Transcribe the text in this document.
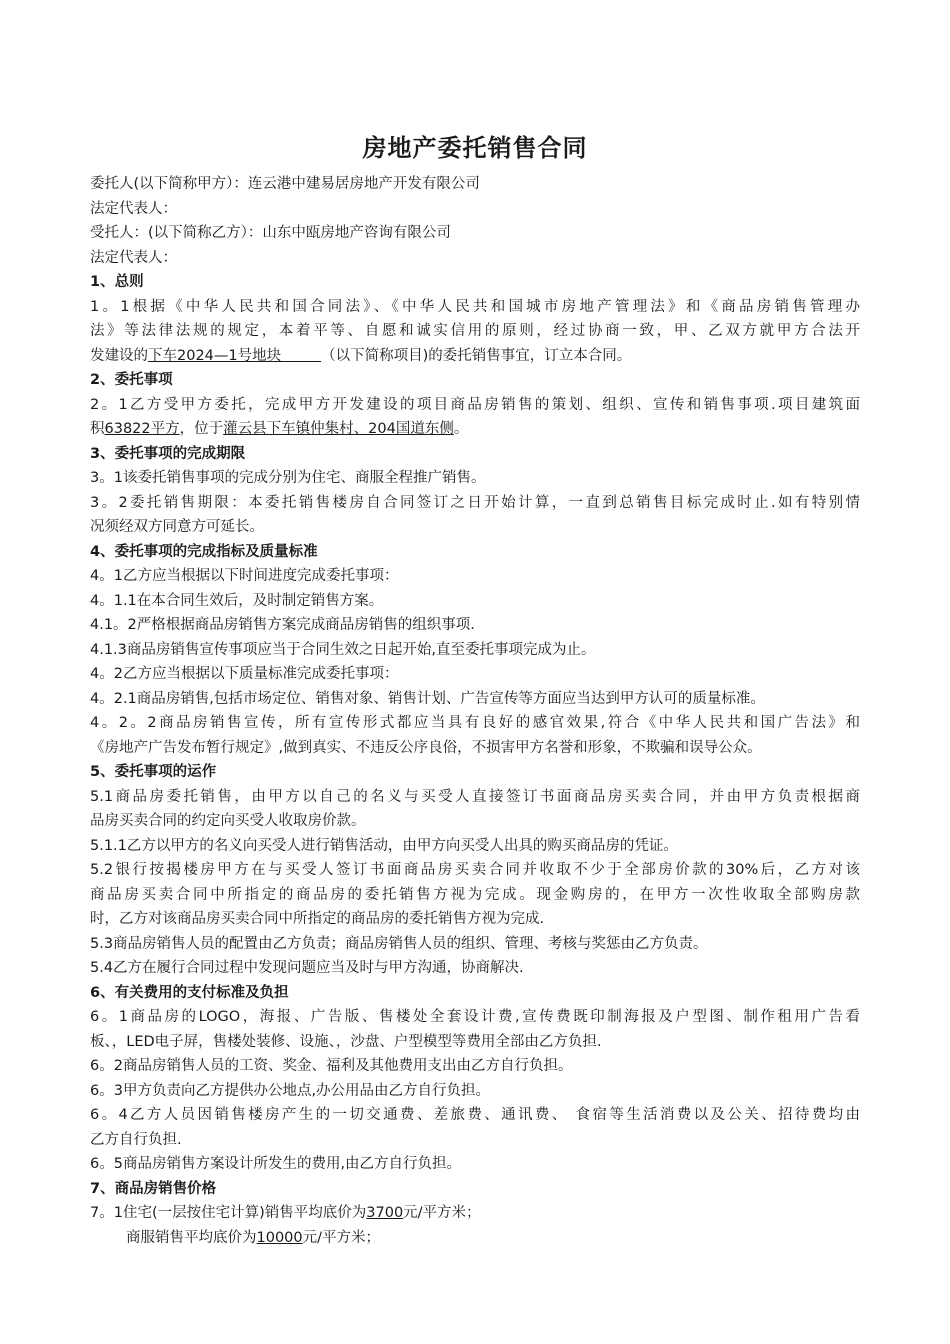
房地产委托销售合同
委托人(以下简称甲方）：连云港中建易居房地产开发有限公司
法定代表人：
受托人：(以下简称乙方）：山东中瓯房地产咨询有限公司
法定代表人：
1、总则
1。1根据《中华人民共和国合同法》、《中华人民共和国城市房地产管理法》和《商品房销售管理办
法》等法律法规的规定，本着平等、自愿和诚实信用的原则，经过协商一致，甲、乙双方就甲方合法开
发建设的下车2024—1号地块	（以下简称项目)的委托销售事宜，订立本合同。
2、委托事项
2。1乙方受甲方委托，完成甲方开发建设的项目商品房销售的策划、组织、宣传和销售事项.项目建筑面
积63822平方，位于灌云县下车镇仲集村、204国道东侧。
3、委托事项的完成期限
3。1该委托销售事项的完成分别为住宅、商服全程推广销售。
3。2委托销售期限：本委托销售楼房自合同签订之日开始计算，一直到总销售目标完成时止.如有特别情
况须经双方同意方可延长。
4、委托事项的完成指标及质量标准
4。1乙方应当根据以下时间进度完成委托事项：
4。1.1在本合同生效后，及时制定销售方案。
4.1。2严格根据商品房销售方案完成商品房销售的组织事项.
4.1.3商品房销售宣传事项应当于合同生效之日起开始,直至委托事项完成为止。
4。2乙方应当根据以下质量标准完成委托事项：
4。2.1商品房销售,包括市场定位、销售对象、销售计划、广告宣传等方面应当达到甲方认可的质量标准。
4。2。2商品房销售宣传，所有宣传形式都应当具有良好的感官效果,符合《中华人民共和国广告法》和
《房地产广告发布暂行规定》,做到真实、不违反公序良俗，不损害甲方名誉和形象，不欺骗和误导公众。
5、委托事项的运作
5.1商品房委托销售，由甲方以自己的名义与买受人直接签订书面商品房买卖合同，并由甲方负责根据商
品房买卖合同的约定向买受人收取房价款。
5.1.1乙方以甲方的名义向买受人进行销售活动，由甲方向买受人出具的购买商品房的凭证。
5.2银行按揭楼房甲方在与买受人签订书面商品房买卖合同并收取不少于全部房价款的30%后，乙方对该
商品房买卖合同中所指定的商品房的委托销售方视为完成。现金购房的，在甲方一次性收取全部购房款
时，乙方对该商品房买卖合同中所指定的商品房的委托销售方视为完成.
5.3商品房销售人员的配置由乙方负责；商品房销售人员的组织、管理、考核与奖惩由乙方负责。
5.4乙方在履行合同过程中发现问题应当及时与甲方沟通，协商解决.
6、有关费用的支付标准及负担
6。1商品房的LOGO，海报、广告版、售楼处全套设计费,宣传费既印制海报及户型图、制作租用广告看
板、，LED电子屏，售楼处装修、设施、，沙盘、户型模型等费用全部由乙方负担.
6。2商品房销售人员的工资、奖金、福利及其他费用支出由乙方自行负担。
6。3甲方负责向乙方提供办公地点,办公用品由乙方自行负担。
6。4乙方人员因销售楼房产生的一切交通费、差旅费、通讯费、 食宿等生活消费以及公关、招待费均由
乙方自行负担.
6。5商品房销售方案设计所发生的费用,由乙方自行负担。
7、商品房销售价格
7。1住宅(一层按住宅计算)销售平均底价为3700元/平方米；
商服销售平均底价为10000元/平方米；
